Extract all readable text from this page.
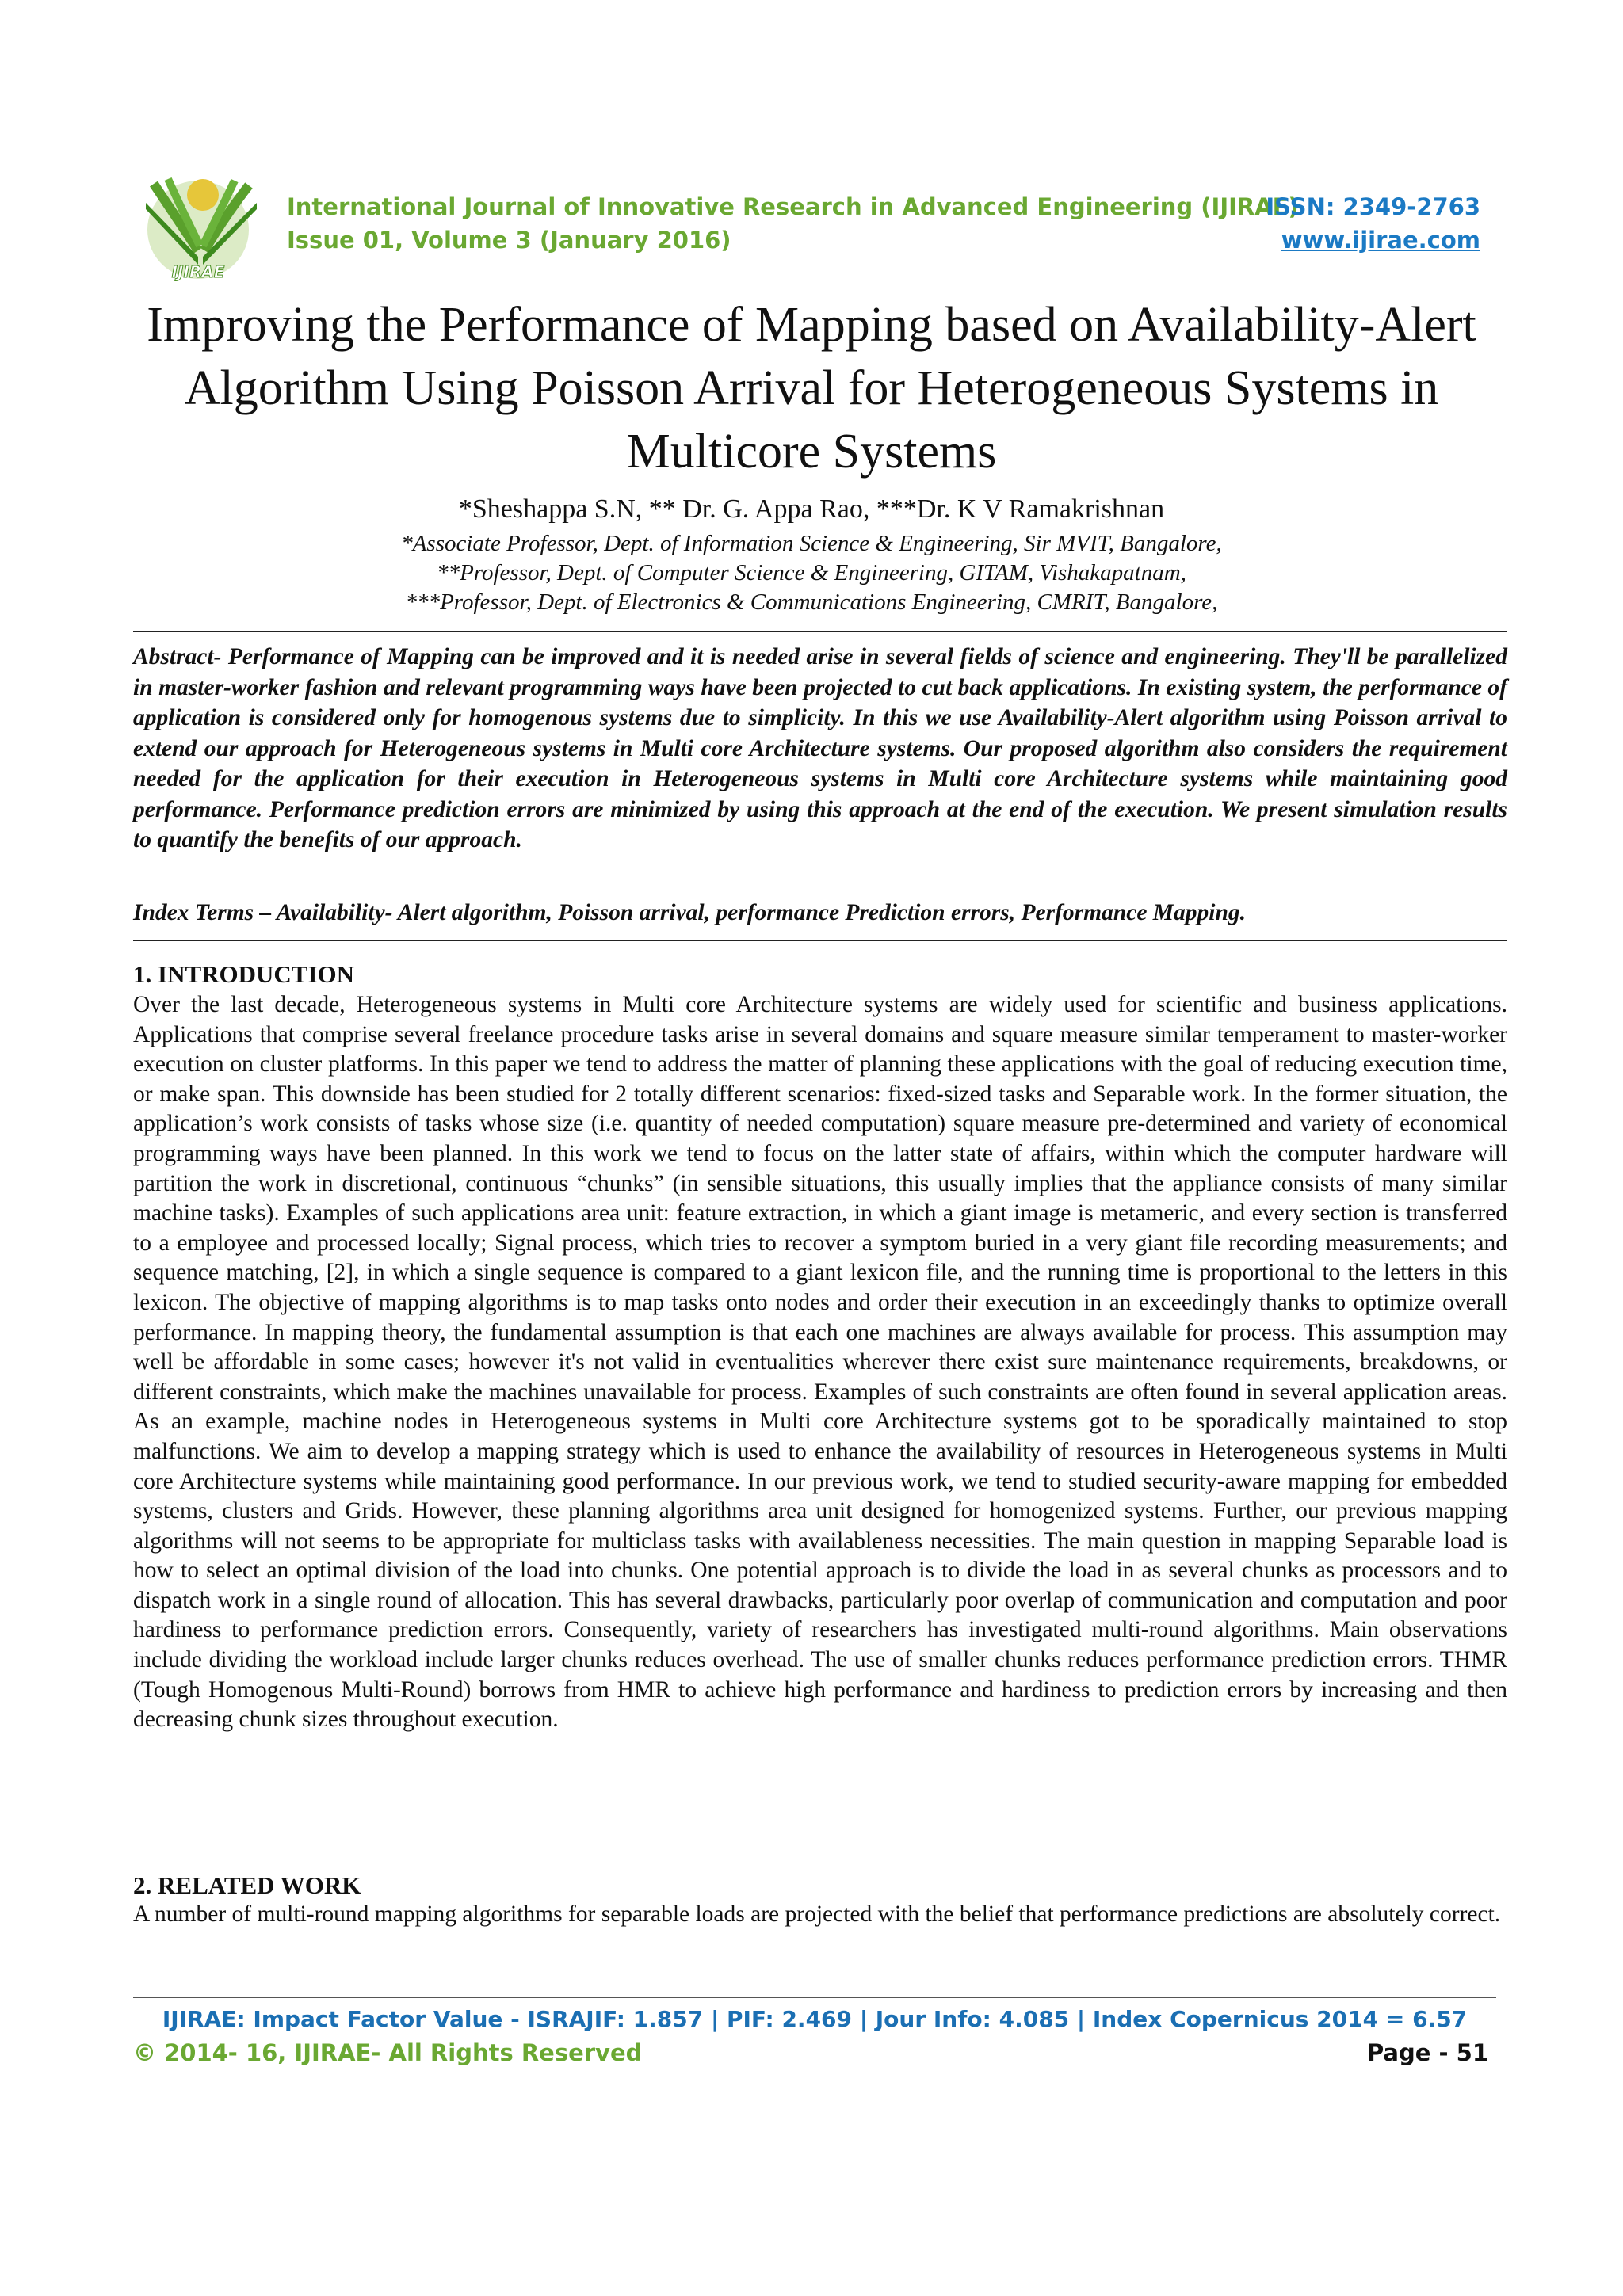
IJIRAE
International Journal of Innovative Research in Advanced Engineering (IJIRAE)
Issue 01, Volume 3 (January 2016)
ISSN: 2349-2763
www.ijirae.com
Improving the Performance of Mapping based on Availability-Alert Algorithm Using Poisson Arrival for Heterogeneous Systems in Multicore Systems
*Sheshappa S.N, ** Dr. G. Appa Rao, ***Dr. K V Ramakrishnan
*Associate Professor, Dept. of Information Science & Engineering, Sir MVIT, Bangalore,
**Professor, Dept. of Computer Science & Engineering, GITAM, Vishakapatnam,
***Professor, Dept. of Electronics & Communications Engineering, CMRIT, Bangalore,
Abstract- Performance of Mapping can be improved and it is needed arise in several fields of science and engineering. They'll be parallelized in master-worker fashion and relevant programming ways have been projected to cut back applications. In existing system, the performance of application is considered only for homogenous systems due to simplicity. In this we use Availability-Alert algorithm using Poisson arrival to extend our approach for Heterogeneous systems in Multi core Architecture systems. Our proposed algorithm also considers the requirement needed for the application for their execution in Heterogeneous systems in Multi core Architecture systems while maintaining good performance. Performance prediction errors are minimized by using this approach at the end of the execution. We present simulation results to quantify the benefits of our approach.
Index Terms – Availability- Alert algorithm, Poisson arrival, performance Prediction errors, Performance Mapping.
1. INTRODUCTION
Over the last decade, Heterogeneous systems in Multi core Architecture systems are widely used for scientific and business applications. Applications that comprise several freelance procedure tasks arise in several domains and square measure similar temperament to master-worker execution on cluster platforms. In this paper we tend to address the matter of planning these applications with the goal of reducing execution time, or make span. This downside has been studied for 2 totally different scenarios: fixed-sized tasks and Separable work. In the former situation, the application’s work consists of tasks whose size (i.e. quantity of needed computation) square measure pre-determined and variety of economical programming ways have been planned. In this work we tend to focus on the latter state of affairs, within which the computer hardware will partition the work in discretional, continuous “chunks” (in sensible situations, this usually implies that the appliance consists of many similar machine tasks). Examples of such applications area unit: feature extraction, in which a giant image is metameric, and every section is transferred to a employee and processed locally; Signal process, which tries to recover a symptom buried in a very giant file recording measurements; and sequence matching, [2], in which a single sequence is compared to a giant lexicon file, and the running time is proportional to the letters in this lexicon. The objective of mapping algorithms is to map tasks onto nodes and order their execution in an exceedingly thanks to optimize overall performance. In mapping theory, the fundamental assumption is that each one machines are always available for process. This assumption may well be affordable in some cases; however it's not valid in eventualities wherever there exist sure maintenance requirements, breakdowns, or different constraints, which make the machines unavailable for process. Examples of such constraints are often found in several application areas. As an example, machine nodes in Heterogeneous systems in Multi core Architecture systems got to be sporadically maintained to stop malfunctions. We aim to develop a mapping strategy which is used to enhance the availability of resources in Heterogeneous systems in Multi core Architecture systems while maintaining good performance. In our previous work, we tend to studied security-aware mapping for embedded systems, clusters and Grids. However, these planning algorithms area unit designed for homogenized systems. Further, our previous mapping algorithms will not seems to be appropriate for multiclass tasks with availableness necessities. The main question in mapping Separable load is how to select an optimal division of the load into chunks. One potential approach is to divide the load in as several chunks as processors and to dispatch work in a single round of allocation. This has several drawbacks, particularly poor overlap of communication and computation and poor hardiness to performance prediction errors. Consequently, variety of researchers has investigated multi-round algorithms. Main observations include dividing the workload include larger chunks reduces overhead. The use of smaller chunks reduces performance prediction errors. THMR (Tough Homogenous Multi-Round) borrows from HMR to achieve high performance and hardiness to prediction errors by increasing and then decreasing chunk sizes throughout execution.
2. RELATED WORK
A number of multi-round mapping algorithms for separable loads are projected with the belief that performance predictions are absolutely correct.
IJIRAE: Impact Factor Value - ISRAJIF: 1.857 | PIF: 2.469 | Jour Info: 4.085 | Index Copernicus 2014 = 6.57
© 2014- 16, IJIRAE- All Rights Reserved	Page - 51
